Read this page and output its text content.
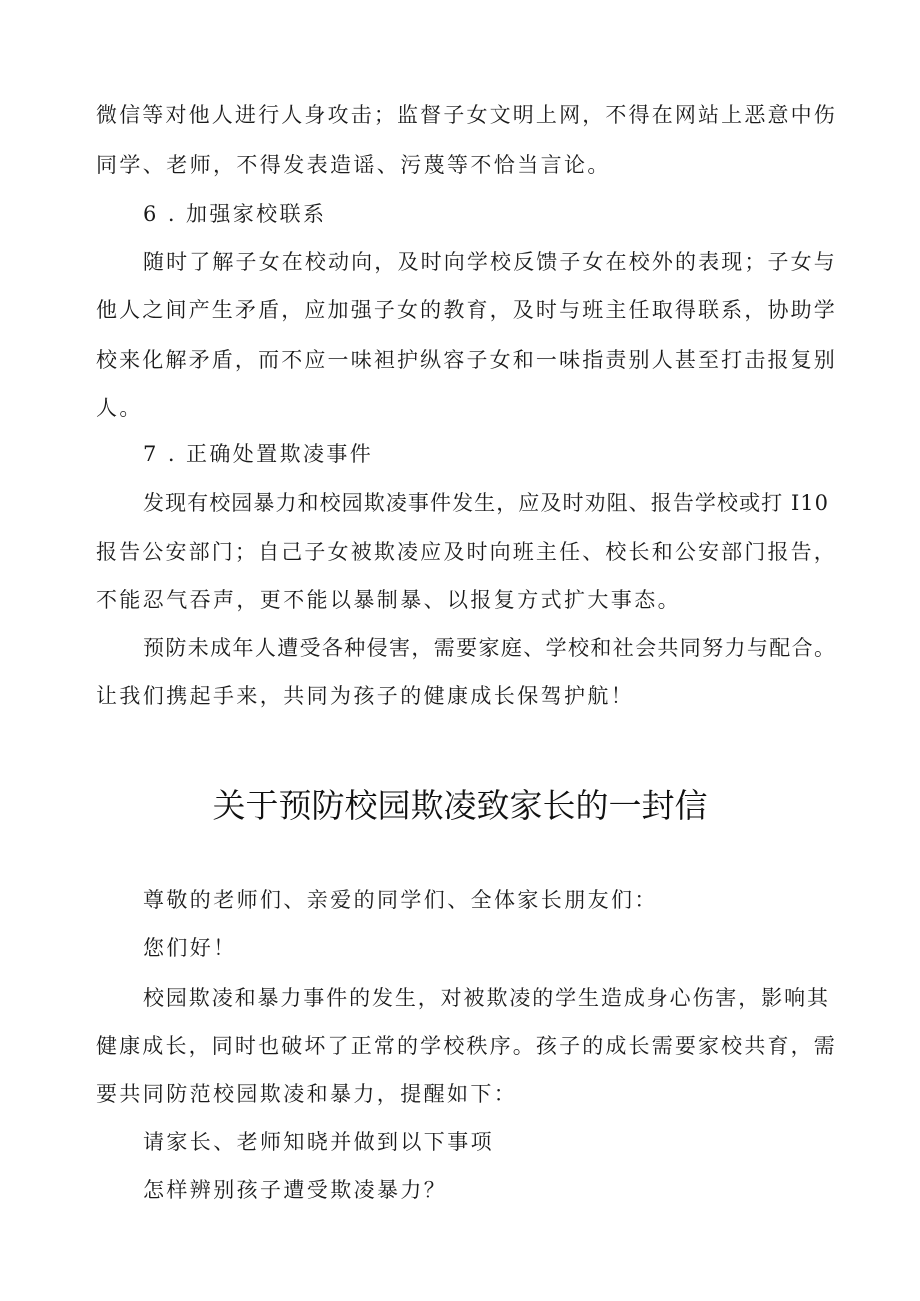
微信等对他人进行人身攻击；监督子女文明上网，不得在网站上恶意中伤
同学、老师，不得发表造谣、污蔑等不恰当言论。
6 . 加强家校联系
随时了解子女在校动向，及时向学校反馈子女在校外的表现；子女与
他人之间产生矛盾，应加强子女的教育，及时与班主任取得联系，协助学
校来化解矛盾，而不应一味袒护纵容子女和一味指责别人甚至打击报复别
人。
7 . 正确处置欺凌事件
发现有校园暴力和校园欺凌事件发生，应及时劝阻、报告学校或打 I10
报告公安部门；自己子女被欺凌应及时向班主任、校长和公安部门报告，
不能忍气吞声，更不能以暴制暴、以报复方式扩大事态。
预防未成年人遭受各种侵害，需要家庭、学校和社会共同努力与配合。
让我们携起手来，共同为孩子的健康成长保驾护航！
关于预防校园欺凌致家长的一封信
尊敬的老师们、亲爱的同学们、全体家长朋友们：
您们好！
校园欺凌和暴力事件的发生，对被欺凌的学生造成身心伤害，影响其
健康成长，同时也破坏了正常的学校秩序。孩子的成长需要家校共育，需
要共同防范校园欺凌和暴力，提醒如下：
请家长、老师知晓并做到以下事项
怎样辨别孩子遭受欺凌暴力？
